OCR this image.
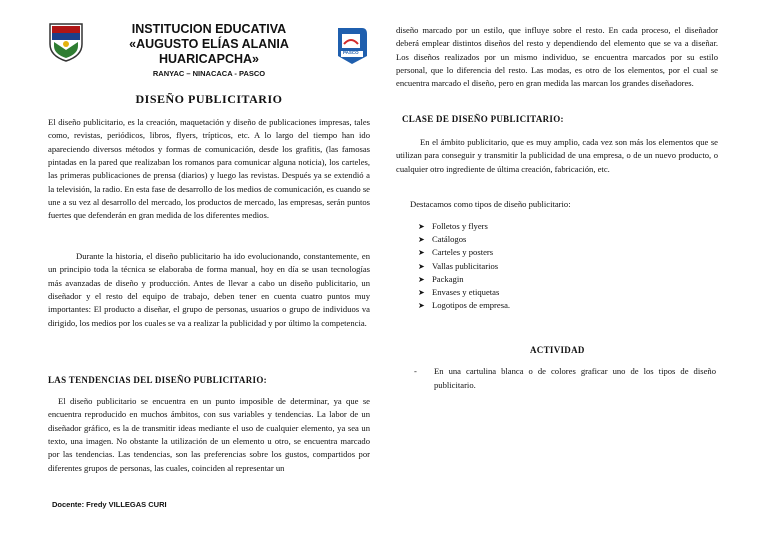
INSTITUCION EDUCATIVA
«AUGUSTO ELÍAS ALANIA HUARICAPCHA»
RANYAC – NINACACA - PASCO
PASCO
DISEÑO PUBLICITARIO

El diseño publicitario, es la creación, maquetación y diseño de publicaciones impresas, tales como, revistas, periódicos, libros, flyers, trípticos, etc. A lo largo del tiempo han ido apareciendo diversos métodos y formas de comunicación, desde los grafitis, (las famosas pintadas en la pared que realizaban los romanos para comunicar alguna noticia), los carteles, las primeras publicaciones de prensa (diarios) y luego las revistas. Después ya se extendió a la televisión, la radio. En esta fase de desarrollo de los medios de comunicación, es cuando se une a su vez al desarrollo del mercado, los productos de mercado, las empresas, serán puntos fuertes que defenderán en gran medida de los diferentes medios.

Durante la historia, el diseño publicitario ha ido evolucionando, constantemente, en un principio toda la técnica se elaboraba de forma manual, hoy en día se usan tecnologías más avanzadas de diseño y producción. Antes de llevar a cabo un diseño publicitario, un diseñador y el resto del equipo de trabajo, deben tener en cuenta cuatro puntos muy importantes: El producto a diseñar, el grupo de personas, usuarios o grupo de individuos va dirigido, los medios por los cuales se va a realizar la publicidad y por último la competencia.

LAS TENDENCIAS DEL DISEÑO PUBLICITARIO:

El diseño publicitario se encuentra en un punto imposible de determinar, ya que se encuentra reproducido en muchos ámbitos, con sus variables y tendencias. La labor de un diseñador gráfico, es la de transmitir ideas mediante el uso de cualquier elemento, ya sea un texto, una imagen. No obstante la utilización de un elemento u otro, se encuentra marcado por las tendencias. Las tendencias, son las preferencias sobre los gustos, compartidos por diferentes grupos de personas, las cuales, coinciden al representar un

Docente: Fredy VILLEGAS CURI

diseño marcado por un estilo, que influye sobre el resto. En cada proceso, el diseñador deberá emplear distintos diseños del resto y dependiendo del elemento que se va a diseñar. Los diseños realizados por un mismo individuo, se encuentra marcados por su estilo personal, que lo diferencia del resto. Las modas, es otro de los elementos, por el cual se encuentra marcado el diseño, pero en gran medida las marcan los grandes diseñadores.

CLASE DE DISEÑO PUBLICITARIO:

En el ámbito publicitario, que es muy amplio, cada vez son más los elementos que se utilizan para conseguir y transmitir la publicidad de una empresa, o de un nuevo producto, o cualquier otro ingrediente de última creación, fabricación, etc.

Destacamos como tipos de diseño publicitario:

➤ Folletos y flyers
➤ Catálogos
➤ Carteles y posters
➤ Vallas publicitarios
➤ Packagin
➤ Envases y etiquetas
➤ Logotipos de empresa.
ACTIVIDAD
- En una cartulina blanca o de colores graficar uno de los tipos de diseño publicitario.
